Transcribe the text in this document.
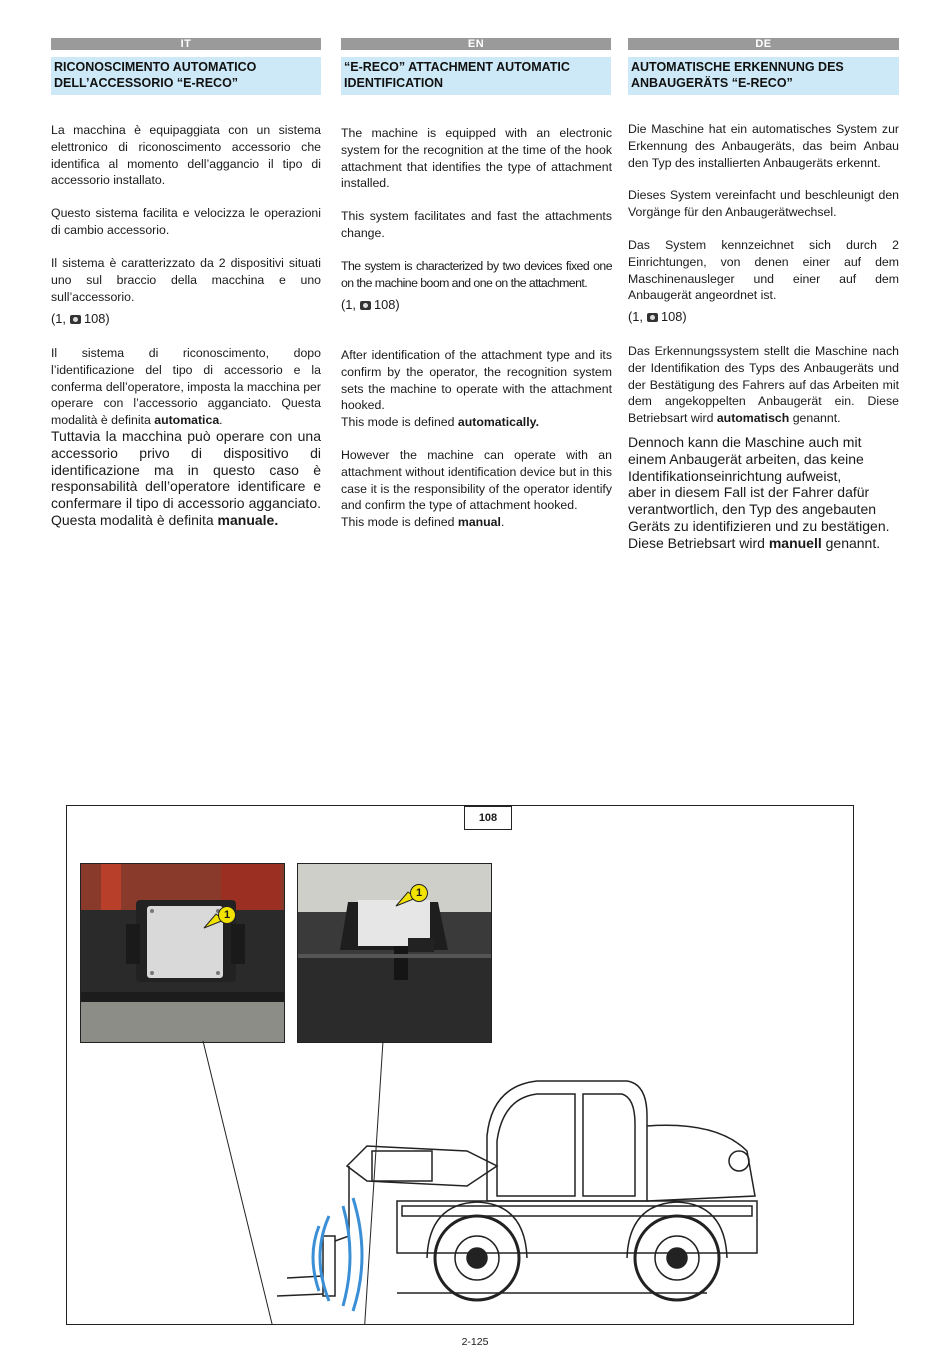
IT
RICONOSCIMENTO AUTOMATICO DELL’ACCESSORIO “E-RECO”

La macchina è equipaggiata con un sistema elettronico di riconoscimento accessorio che identifica al momento dell’aggancio il tipo di accessorio installato.

Questo sistema facilita e velocizza le operazioni di cambio accessorio.

Il sistema è caratterizzato da 2 dispositivi situati uno sul braccio della macchina e uno sull’accessorio.

(1,  108)

Il sistema di riconoscimento, dopo l’identificazione del tipo di accessorio e la conferma dell’operatore, imposta la macchina per operare con l’accessorio agganciato. Questa modalità è definita automatica.

Tuttavia la macchina può operare con una accessorio privo di dispositivo di identificazione ma in questo caso è responsabilità dell’operatore identificare e confermare il tipo di accessorio agganciato. Questa modalità è definita manuale.

EN
“E-RECO” ATTACHMENT AUTOMATIC IDENTIFICATION

The machine is equipped with an electronic system for the recognition at the time of the hook attachment that identifies the type of attachment installed.

This system facilitates and fast the attachments change.

The system is characterized by two devices fixed one on the machine boom and one on the attachment.

(1,  108)

After identification of the attachment type and its confirm by the operator, the recognition system sets the machine to operate with the attachment hooked.
This mode is defined automatically.

However the machine can operate with an attachment without identification device but in this case it is the responsibility of the operator identify and confirm the type of attachment hooked.
This mode is defined manual.

DE
AUTOMATISCHE ERKENNUNG DES ANBAUGERÄTS “E-RECO”

Die Maschine hat ein automatisches System zur Erkennung des Anbaugeräts, das beim Anbau den Typ des installierten Anbaugeräts erkennt.

Dieses System vereinfacht und beschleunigt den Vorgänge für den Anbaugerätwechsel.

Das System kennzeichnet sich durch 2 Einrichtungen, von denen einer auf dem Maschinenausleger und einer auf dem Anbaugerät angeordnet ist.

(1,  108)

Das Erkennungssystem stellt die Maschine nach der Identifikation des Typs des Anbaugeräts und der Bestätigung des Fahrers auf das Arbeiten mit dem angekoppelten Anbaugerät ein. Diese Betriebsart wird automatisch genannt.

Dennoch kann die Maschine auch mit
einem Anbaugerät arbeiten, das keine
Identifikationseinrichtung aufweist,
aber in diesem Fall ist der Fahrer dafür
verantwortlich, den Typ des angebauten
Geräts zu identifizieren und zu bestätigen.
Diese Betriebsart wird manuell genannt.
108
1
1
2-125
